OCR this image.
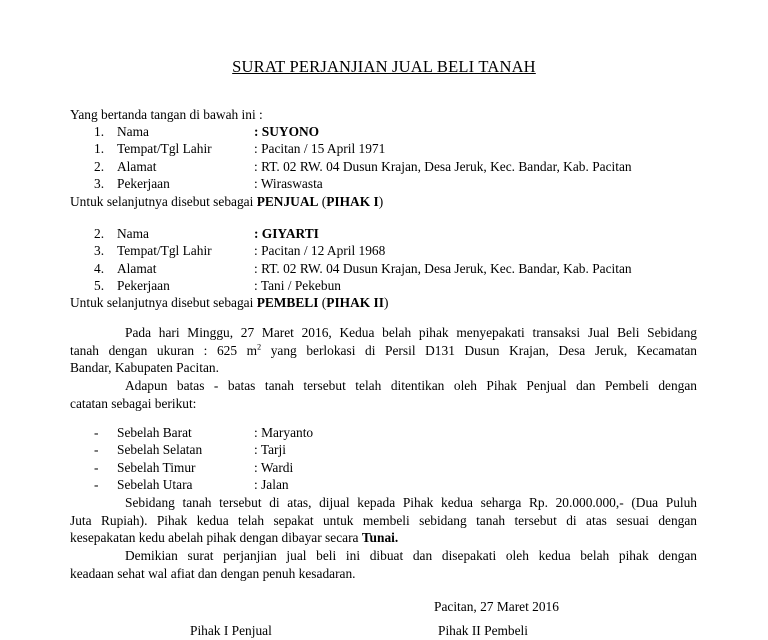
SURAT PERJANJIAN JUAL BELI TANAH
Yang bertanda tangan di bawah ini :
1. Nama	: SUYONO
1. Tempat/Tgl Lahir	: Pacitan / 15 April 1971
2. Alamat	: RT. 02 RW. 04 Dusun Krajan, Desa Jeruk, Kec. Bandar, Kab. Pacitan
3. Pekerjaan	: Wiraswasta
Untuk selanjutnya disebut sebagai PENJUAL (PIHAK I)
2. Nama	: GIYARTI
3. Tempat/Tgl Lahir	: Pacitan / 12 April 1968
4. Alamat	: RT. 02 RW. 04 Dusun Krajan, Desa Jeruk, Kec. Bandar, Kab. Pacitan
5. Pekerjaan	: Tani / Pekebun
Untuk selanjutnya disebut sebagai PEMBELI (PIHAK II)
Pada hari Minggu, 27 Maret 2016, Kedua belah pihak menyepakati transaksi Jual Beli Sebidang
tanah dengan ukuran : 625 $m^2$ yang berlokasi di Persil D131 Dusun Krajan, Desa Jeruk, Kecamatan
Bandar, Kabupaten Pacitan.
Adapun batas - batas tanah tersebut telah ditentikan oleh Pihak Penjual dan Pembeli dengan
catatan sebagai berikut:
- Sebelah Barat	: Maryanto
- Sebelah Selatan	: Tarji
- Sebelah Timur	: Wardi
- Sebelah Utara	: Jalan
Sebidang tanah tersebut di atas, dijual kepada Pihak kedua seharga Rp. 20.000.000,- (Dua Puluh
Juta Rupiah). Pihak kedua telah sepakat untuk membeli sebidang tanah tersebut di atas sesuai dengan
kesepakatan kedu abelah pihak dengan dibayar secara Tunai.
Demikian surat perjanjian jual beli ini dibuat dan disepakati oleh kedua belah pihak dengan
keadaan sehat wal afiat dan dengan penuh kesadaran.
Pacitan, 27 Maret 2016
Pihak I Penjual	Pihak II Pembeli
